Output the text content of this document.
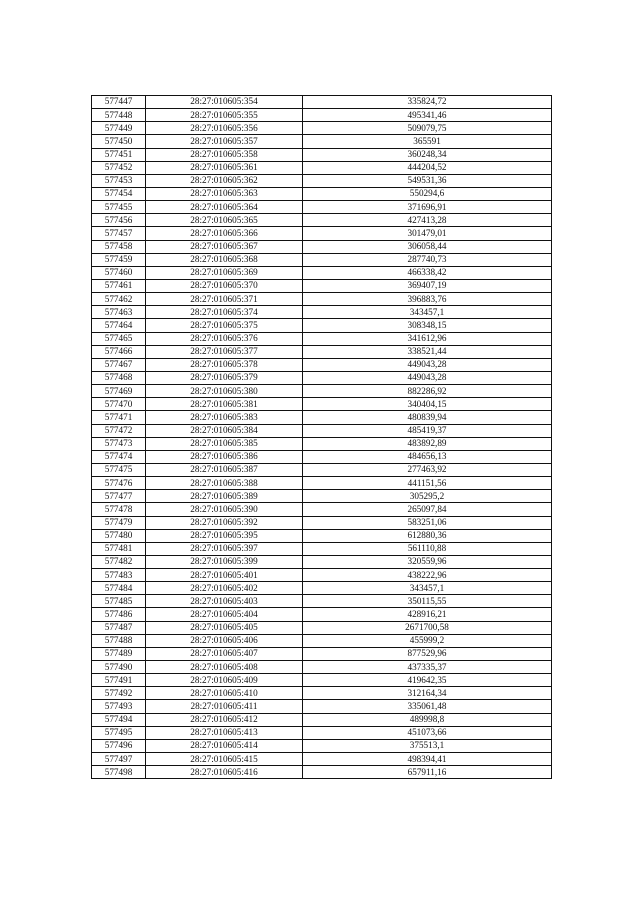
577447	28:27:010605:354	335824,72
577448	28:27:010605:355	495341,46
577449	28:27:010605:356	509079,75
577450	28:27:010605:357	365591
577451	28:27:010605:358	360248,34
577452	28:27:010605:361	444204,52
577453	28:27:010605:362	549531,36
577454	28:27:010605:363	550294,6
577455	28:27:010605:364	371696,91
577456	28:27:010605:365	427413,28
577457	28:27:010605:366	301479,01
577458	28:27:010605:367	306058,44
577459	28:27:010605:368	287740,73
577460	28:27:010605:369	466338,42
577461	28:27:010605:370	369407,19
577462	28:27:010605:371	396883,76
577463	28:27:010605:374	343457,1
577464	28:27:010605:375	308348,15
577465	28:27:010605:376	341612,96
577466	28:27:010605:377	338521,44
577467	28:27:010605:378	449043,28
577468	28:27:010605:379	449043,28
577469	28:27:010605:380	882286,92
577470	28:27:010605:381	340404,15
577471	28:27:010605:383	480839,94
577472	28:27:010605:384	485419,37
577473	28:27:010605:385	483892,89
577474	28:27:010605:386	484656,13
577475	28:27:010605:387	277463,92
577476	28:27:010605:388	441151,56
577477	28:27:010605:389	305295,2
577478	28:27:010605:390	265097,84
577479	28:27:010605:392	583251,06
577480	28:27:010605:395	612880,36
577481	28:27:010605:397	561110,88
577482	28:27:010605:399	320559,96
577483	28:27:010605:401	438222,96
577484	28:27:010605:402	343457,1
577485	28:27:010605:403	350115,55
577486	28:27:010605:404	428916,21
577487	28:27:010605:405	2671700,58
577488	28:27:010605:406	455999,2
577489	28:27:010605:407	877529,96
577490	28:27:010605:408	437335,37
577491	28:27:010605:409	419642,35
577492	28:27:010605:410	312164,34
577493	28:27:010605:411	335061,48
577494	28:27:010605:412	489998,8
577495	28:27:010605:413	451073,66
577496	28:27:010605:414	375513,1
577497	28:27:010605:415	498394,41
577498	28:27:010605:416	657911,16
